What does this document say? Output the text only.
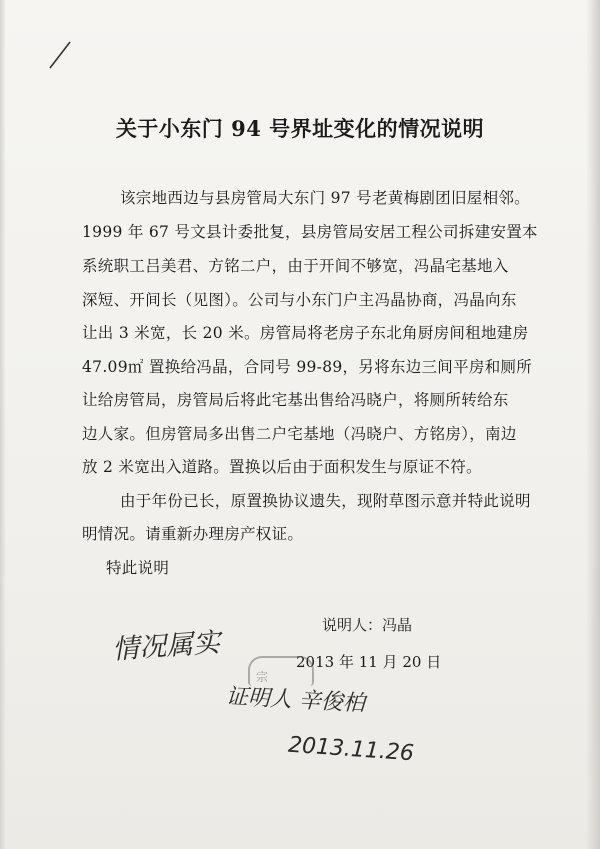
关于小东门 94 号界址变化的情况说明
该宗地西边与县房管局大东门 97 号老黄梅剧团旧屋相邻。
1999 年 67 号文县计委批复，县房管局安居工程公司拆建安置本
系统职工吕美君、方铭二户，由于开间不够宽，冯晶宅基地入
深短、开间长（见图）。公司与小东门户主冯晶协商，冯晶向东
让出 3 米宽，长 20 米。房管局将老房子东北角厨房间租地建房
47.09㎡ 置换给冯晶，合同号 99-89，另将东边三间平房和厕所
让给房管局，房管局后将此宅基出售给冯晓户，将厕所转给东
边人家。但房管局多出售二户宅基地（冯晓户、方铭房），南边
放 2 米宽出入道路。置换以后由于面积发生与原证不符。
由于年份已长，原置换协议遗失，现附草图示意并特此说明
明情况。请重新办理房产权证。
特此说明
说明人：冯晶
2013 年 11 月 20 日
宗
情况属实
证明人 辛俊柏
2013.11.26
